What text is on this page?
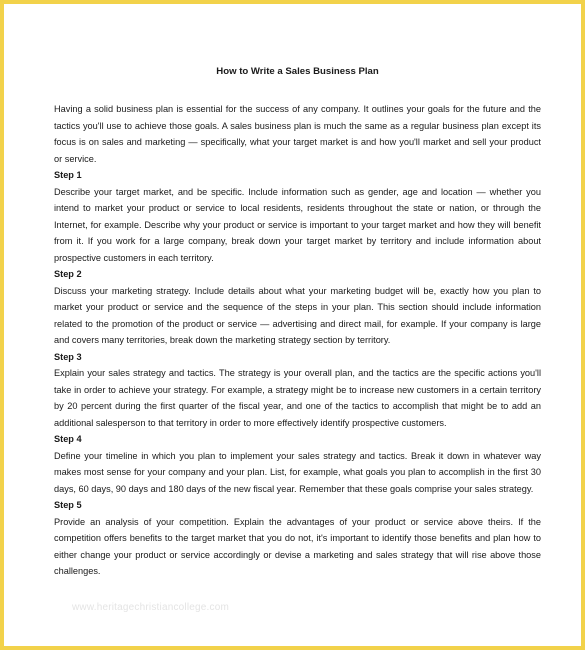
How to Write a Sales Business Plan

Having a solid business plan is essential for the success of any company. It outlines your goals for the future and the tactics you'll use to achieve those goals. A sales business plan is much the same as a regular business plan except its focus is on sales and marketing — specifically, what your target market is and how you'll market and sell your product or service.

Step 1

Describe your target market, and be specific. Include information such as gender, age and location — whether you intend to market your product or service to local residents, residents throughout the state or nation, or through the Internet, for example. Describe why your product or service is important to your target market and how they will benefit from it. If you work for a large company, break down your target market by territory and include information about prospective customers in each territory.

Step 2

Discuss your marketing strategy. Include details about what your marketing budget will be, exactly how you plan to market your product or service and the sequence of the steps in your plan. This section should include information related to the promotion of the product or service — advertising and direct mail, for example. If your company is large and covers many territories, break down the marketing strategy section by territory.

Step 3

Explain your sales strategy and tactics. The strategy is your overall plan, and the tactics are the specific actions you'll take in order to achieve your strategy. For example, a strategy might be to increase new customers in a certain territory by 20 percent during the first quarter of the fiscal year, and one of the tactics to accomplish that might be to add an additional salesperson to that territory in order to more effectively identify prospective customers.

Step 4

Define your timeline in which you plan to implement your sales strategy and tactics. Break it down in whatever way makes most sense for your company and your plan. List, for example, what goals you plan to accomplish in the first 30 days, 60 days, 90 days and 180 days of the new fiscal year. Remember that these goals comprise your sales strategy.

Step 5

Provide an analysis of your competition. Explain the advantages of your product or service above theirs. If the competition offers benefits to the target market that you do not, it's important to identify those benefits and plan how to either change your product or service accordingly or devise a marketing and sales strategy that will rise above those challenges.

www.heritagechristiancollege.com
